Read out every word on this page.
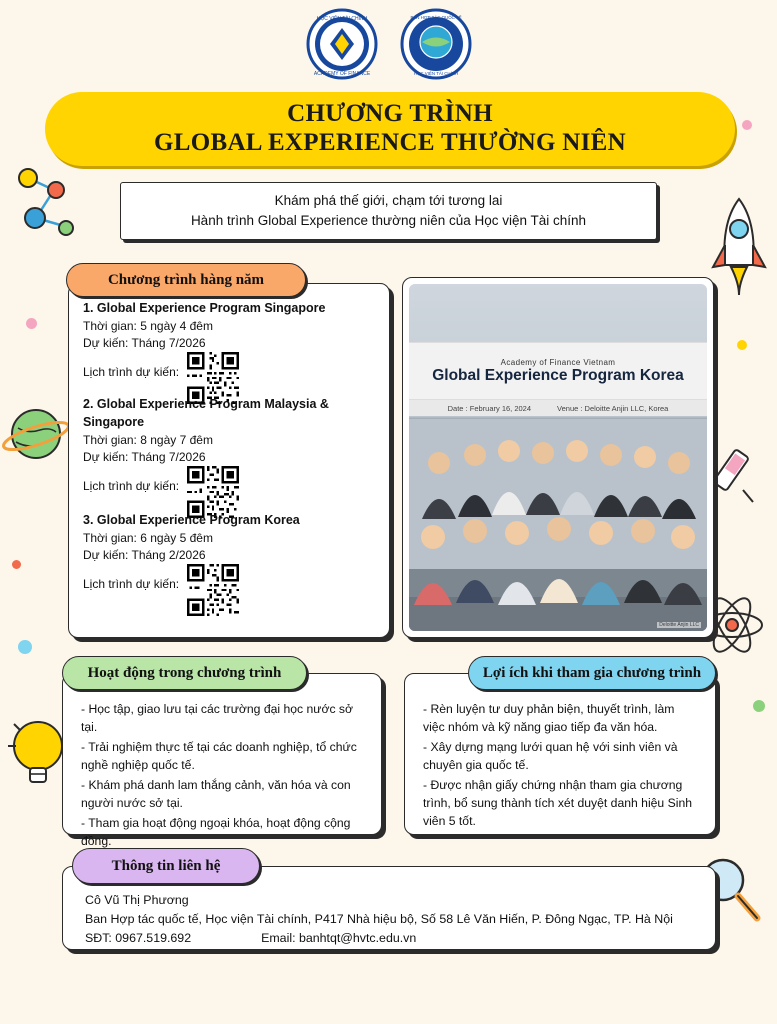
HỌC VIỆN TÀI CHÍNH
ACADEMY OF FINANCE
BAN HỢP TÁC QUỐC TẾ
HỌC VIỆN TÀI CHÍNH
CHƯƠNG TRÌNH
GLOBAL EXPERIENCE THƯỜNG NIÊN
Khám phá thế giới, chạm tới tương lai
Hành trình Global Experience thường niên của Học viện Tài chính
Chương trình hàng năm
1. Global Experience Program Singapore
Thời gian: 5 ngày 4 đêm
Dự kiến: Tháng 7/2026
Lịch trình dự kiến:
2. Global Experience Program Malaysia &
Singapore
Thời gian: 8 ngày 7 đêm
Dự kiến: Tháng 7/2026
Lịch trình dự kiến:
3. Global Experience Program Korea
Thời gian: 6 ngày 5 đêm
Dự kiến: Tháng 2/2026
Lịch trình dự kiến:
Academy of Finance Vietnam
Global Experience Program Korea
Date : February 16, 2024	Venue : Deloitte Anjin LLC, Korea
Deloitte Anjin LLC
Hoạt động trong chương trình
- Học tập, giao lưu tại các trường đại học nước sở tại.
- Trải nghiệm thực tế tại các doanh nghiệp, tổ chức nghề nghiệp quốc tế.
- Khám phá danh lam thắng cảnh, văn hóa và con người nước sở tại.
- Tham gia hoạt động ngoại khóa, hoạt động cộng đồng.
Lợi ích khi tham gia chương trình
- Rèn luyện tư duy phản biện, thuyết trình, làm việc nhóm và kỹ năng giao tiếp đa văn hóa.
- Xây dựng mạng lưới quan hệ với sinh viên và chuyên gia quốc tế.
- Được nhận giấy chứng nhận tham gia chương trình, bổ sung thành tích xét duyệt danh hiệu Sinh viên 5 tốt.
Thông tin liên hệ
Cô Vũ Thị Phương
Ban Hợp tác quốc tế, Học viện Tài chính, P417 Nhà hiệu bộ, Số 58 Lê Văn Hiến, P. Đông Ngạc, TP. Hà Nội
SĐT: 0967.519.692	Email: banhtqt@hvtc.edu.vn
